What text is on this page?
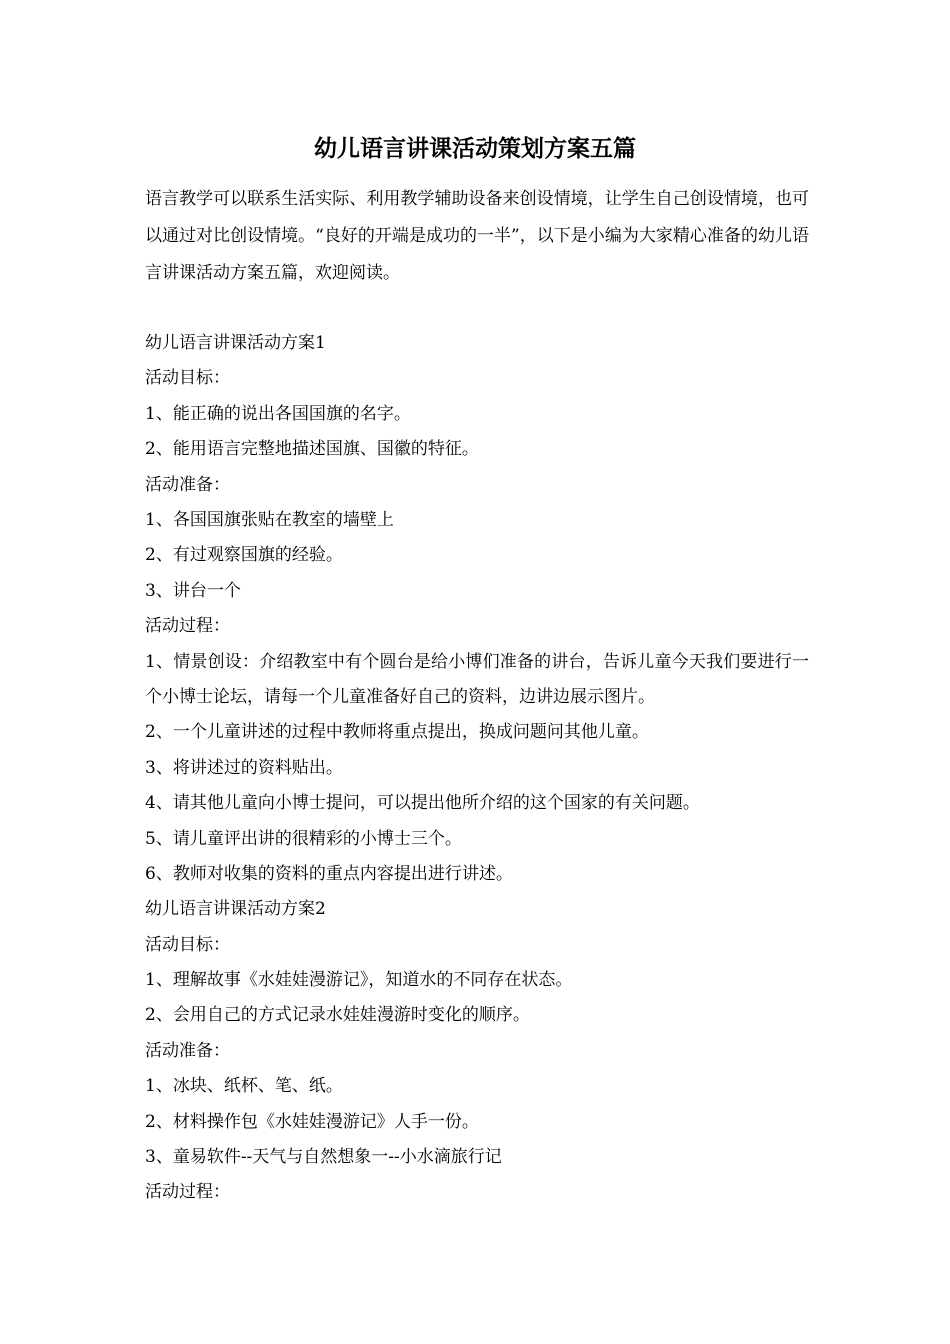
幼儿语言讲课活动策划方案五篇

语言教学可以联系生活实际、利用教学辅助设备来创设情境，让学生自己创设情境，也可以通过对比创设情境。“良好的开端是成功的一半”，以下是小编为大家精心准备的幼儿语言讲课活动方案五篇，欢迎阅读。

幼儿语言讲课活动方案1
活动目标：
1、能正确的说出各国国旗的名字。
2、能用语言完整地描述国旗、国徽的特征。
活动准备：
1、各国国旗张贴在教室的墙壁上
2、有过观察国旗的经验。
3、讲台一个
活动过程：
1、情景创设：介绍教室中有个圆台是给小博们准备的讲台，告诉儿童今天我们要进行一个小博士论坛，请每一个儿童准备好自己的资料，边讲边展示图片。
2、一个儿童讲述的过程中教师将重点提出，换成问题问其他儿童。
3、将讲述过的资料贴出。
4、请其他儿童向小博士提问，可以提出他所介绍的这个国家的有关问题。
5、请儿童评出讲的很精彩的小博士三个。
6、教师对收集的资料的重点内容提出进行讲述。
幼儿语言讲课活动方案2
活动目标：
1、理解故事《水娃娃漫游记》，知道水的不同存在状态。
2、会用自己的方式记录水娃娃漫游时变化的顺序。
活动准备：
1、冰块、纸杯、笔、纸。
2、材料操作包《水娃娃漫游记》人手一份。
3、童易软件--天气与自然想象一--小水滴旅行记
活动过程：
